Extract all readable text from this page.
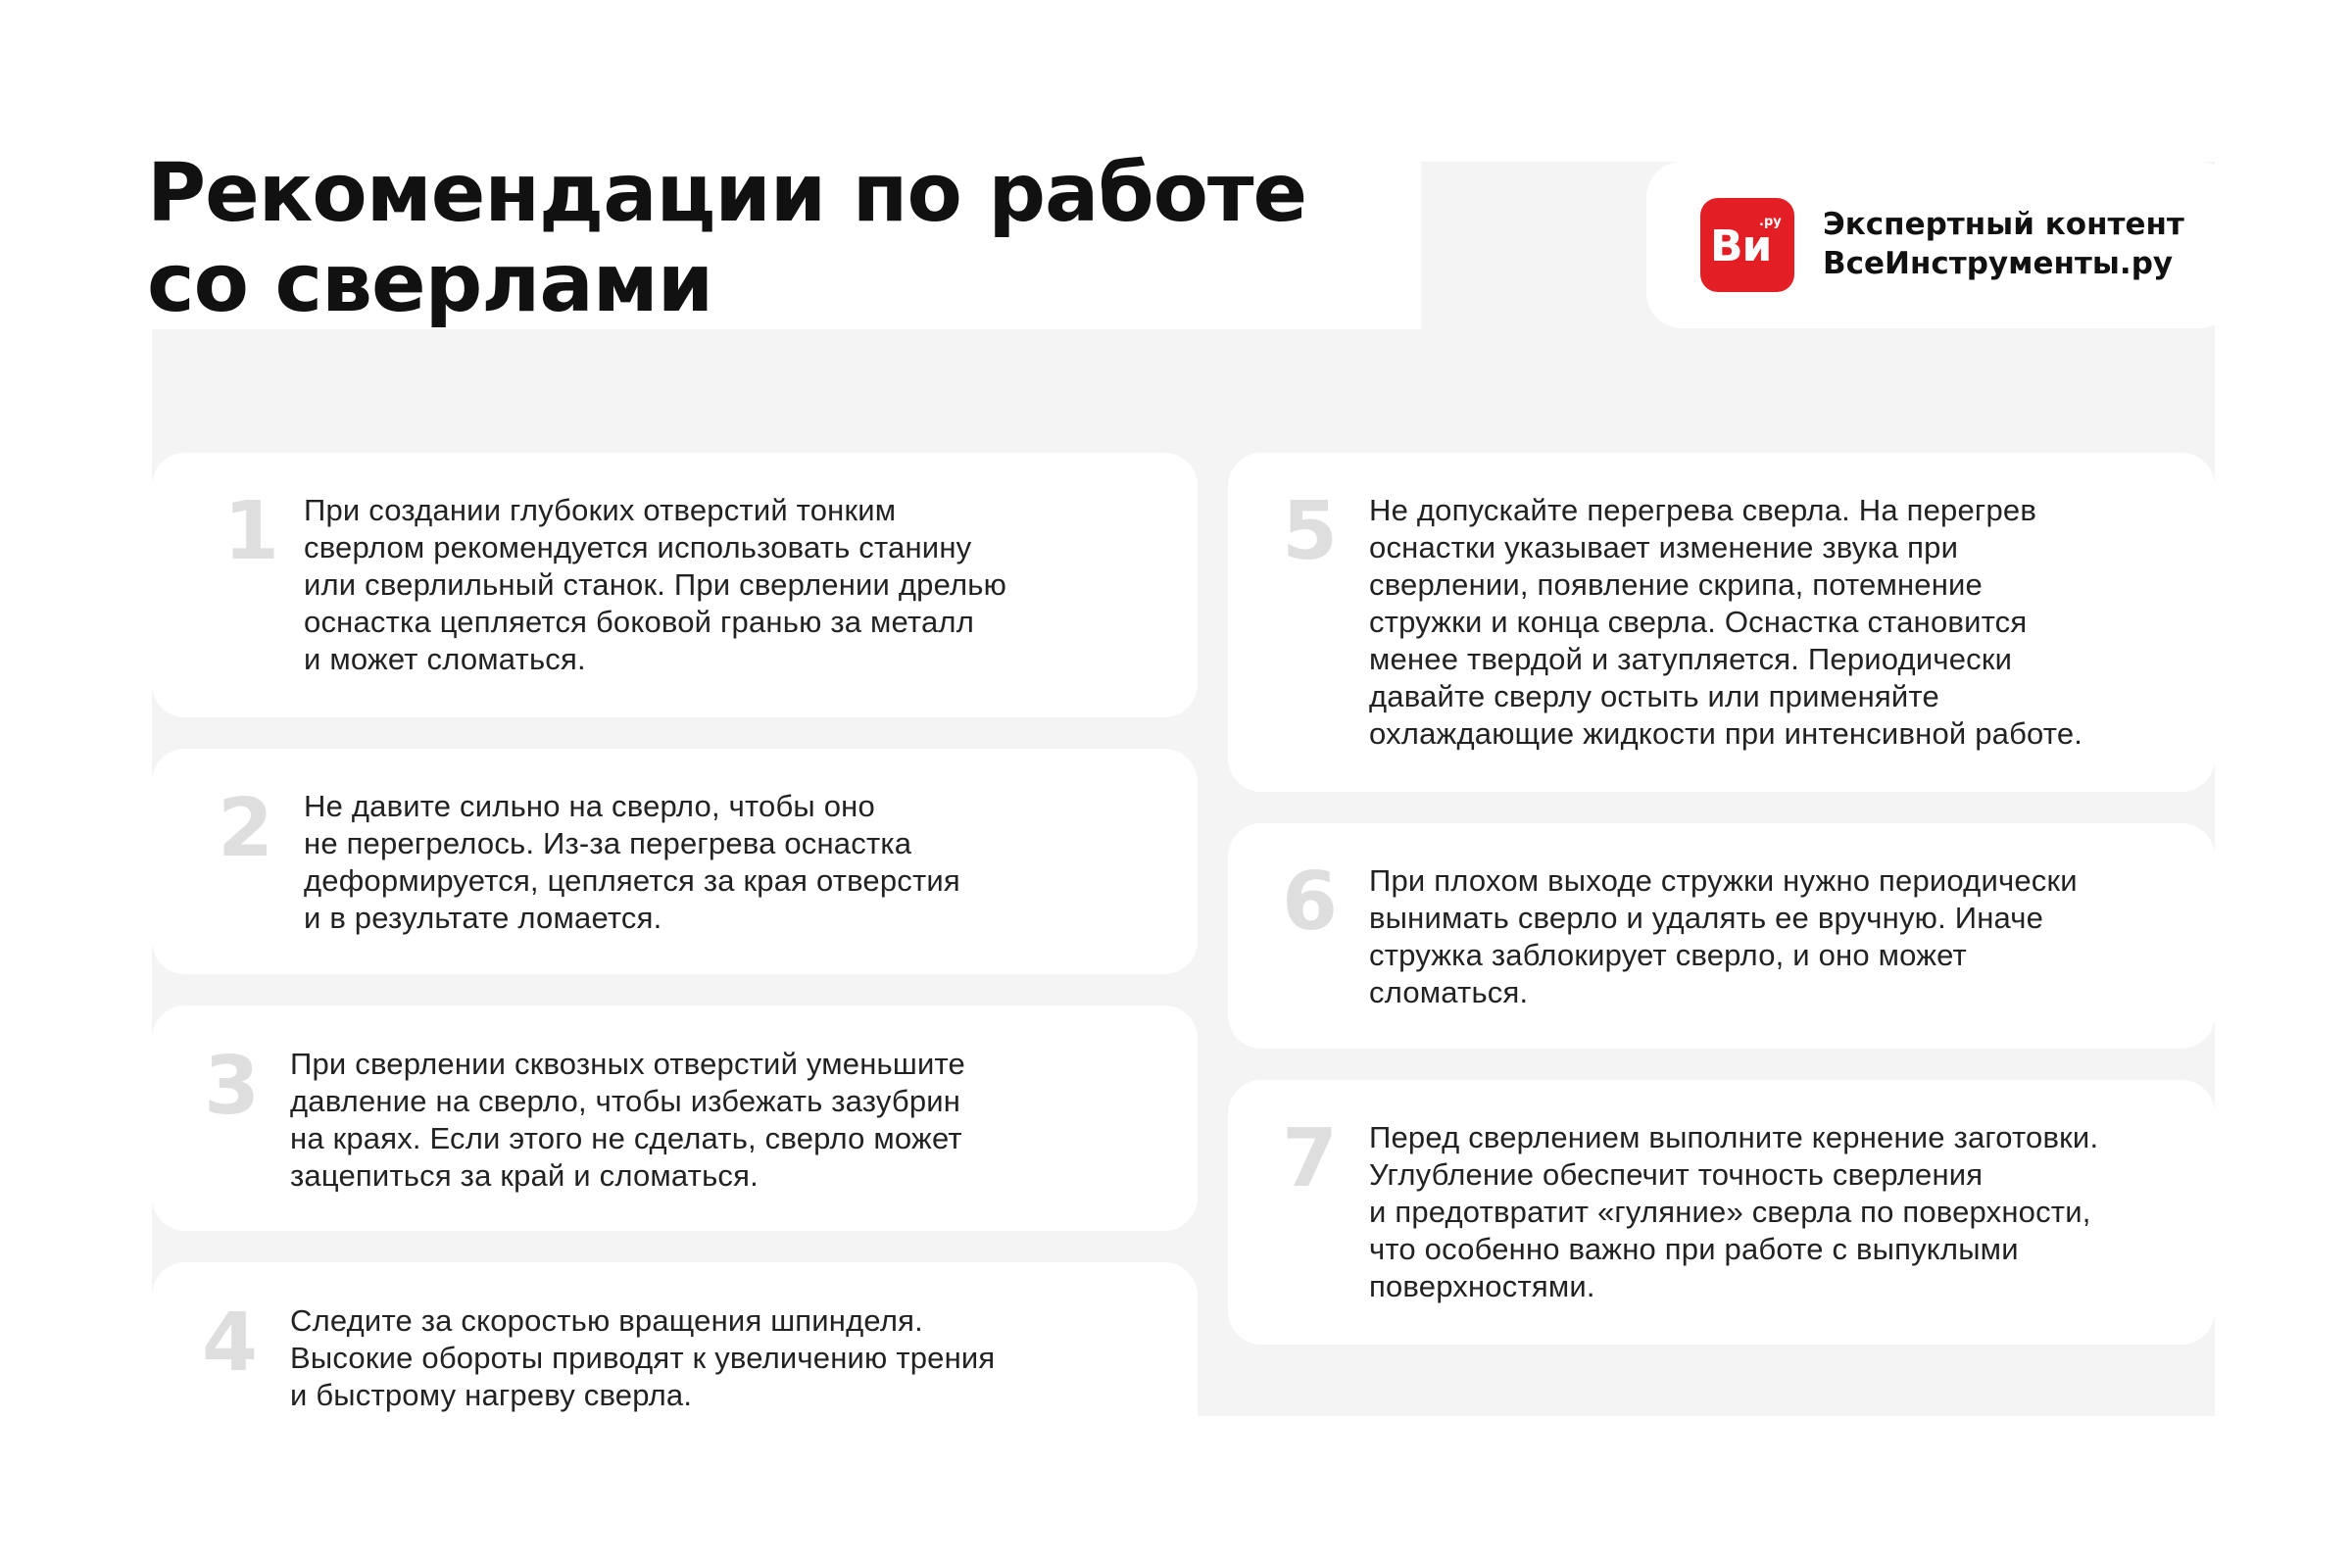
Рекомендации по работе
со сверлами	Ви
.ру Экспертный контент
ВсеИнструменты.ру
1 При создании глубоких отверстий тонким
сверлом рекомендуется использовать станину
или сверлильный станок. При сверлении дрелью
оснастка цепляется боковой гранью за металл
и может сломаться.
2 Не давите сильно на сверло, чтобы оно
не перегрелось. Из-за перегрева оснастка
деформируется, цепляется за края отверстия
и в результате ломается.
3 При сверлении сквозных отверстий уменьшите
давление на сверло, чтобы избежать зазубрин
на краях. Если этого не сделать, сверло может
зацепиться за край и сломаться.
4 Следите за скоростью вращения шпинделя.
Высокие обороты приводят к увеличению трения
и быстрому нагреву сверла.
5 Не допускайте перегрева сверла. На перегрев
оснастки указывает изменение звука при
сверлении, появление скрипа, потемнение
стружки и конца сверла. Оснастка становится
менее твердой и затупляется. Периодически
давайте сверлу остыть или применяйте
охлаждающие жидкости при интенсивной работе.
6 При плохом выходе стружки нужно периодически
вынимать сверло и удалять ее вручную. Иначе
стружка заблокирует сверло, и оно может
сломаться.
7 Перед сверлением выполните кернение заготовки.
Углубление обеспечит точность сверления
и предотвратит «гуляние» сверла по поверхности,
что особенно важно при работе с выпуклыми
поверхностями.
